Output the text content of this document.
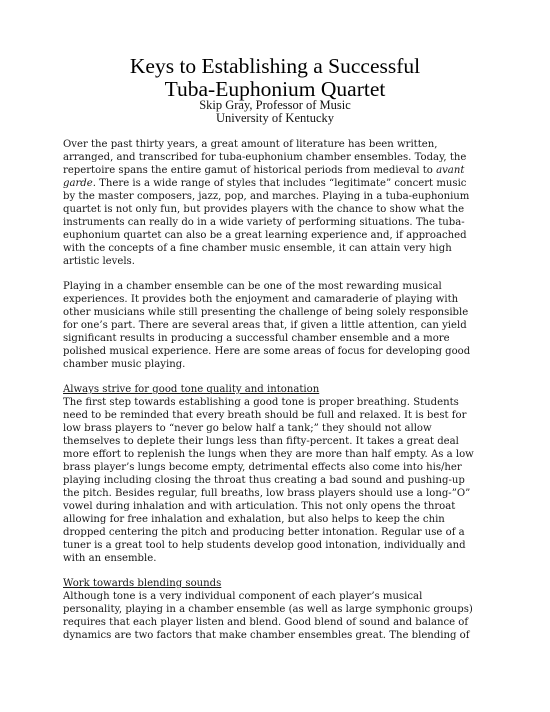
Keys to Establishing a Successful
Tuba-Euphonium Quartet
Skip Gray, Professor of Music
University of Kentucky
Over the past thirty years, a great amount of literature has been written,
arranged, and transcribed for tuba-euphonium chamber ensembles. Today, the
repertoire spans the entire gamut of historical periods from medieval to avant
garde. There is a wide range of styles that includes “legitimate” concert music
by the master composers, jazz, pop, and marches. Playing in a tuba-euphonium
quartet is not only fun, but provides players with the chance to show what the
instruments can really do in a wide variety of performing situations. The tuba-
euphonium quartet can also be a great learning experience and, if approached
with the concepts of a fine chamber music ensemble, it can attain very high
artistic levels.
Playing in a chamber ensemble can be one of the most rewarding musical
experiences. It provides both the enjoyment and camaraderie of playing with
other musicians while still presenting the challenge of being solely responsible
for one’s part. There are several areas that, if given a little attention, can yield
significant results in producing a successful chamber ensemble and a more
polished musical experience. Here are some areas of focus for developing good
chamber music playing.
Always strive for good tone quality and intonation
The first step towards establishing a good tone is proper breathing. Students
need to be reminded that every breath should be full and relaxed. It is best for
low brass players to “never go below half a tank;” they should not allow
themselves to deplete their lungs less than fifty-percent. It takes a great deal
more effort to replenish the lungs when they are more than half empty. As a low
brass player’s lungs become empty, detrimental effects also come into his/her
playing including closing the throat thus creating a bad sound and pushing-up
the pitch. Besides regular, full breaths, low brass players should use a long-”O”
vowel during inhalation and with articulation. This not only opens the throat
allowing for free inhalation and exhalation, but also helps to keep the chin
dropped centering the pitch and producing better intonation. Regular use of a
tuner is a great tool to help students develop good intonation, individually and
with an ensemble.
Work towards blending sounds
Although tone is a very individual component of each player’s musical
personality, playing in a chamber ensemble (as well as large symphonic groups)
requires that each player listen and blend. Good blend of sound and balance of
dynamics are two factors that make chamber ensembles great. The blending of
